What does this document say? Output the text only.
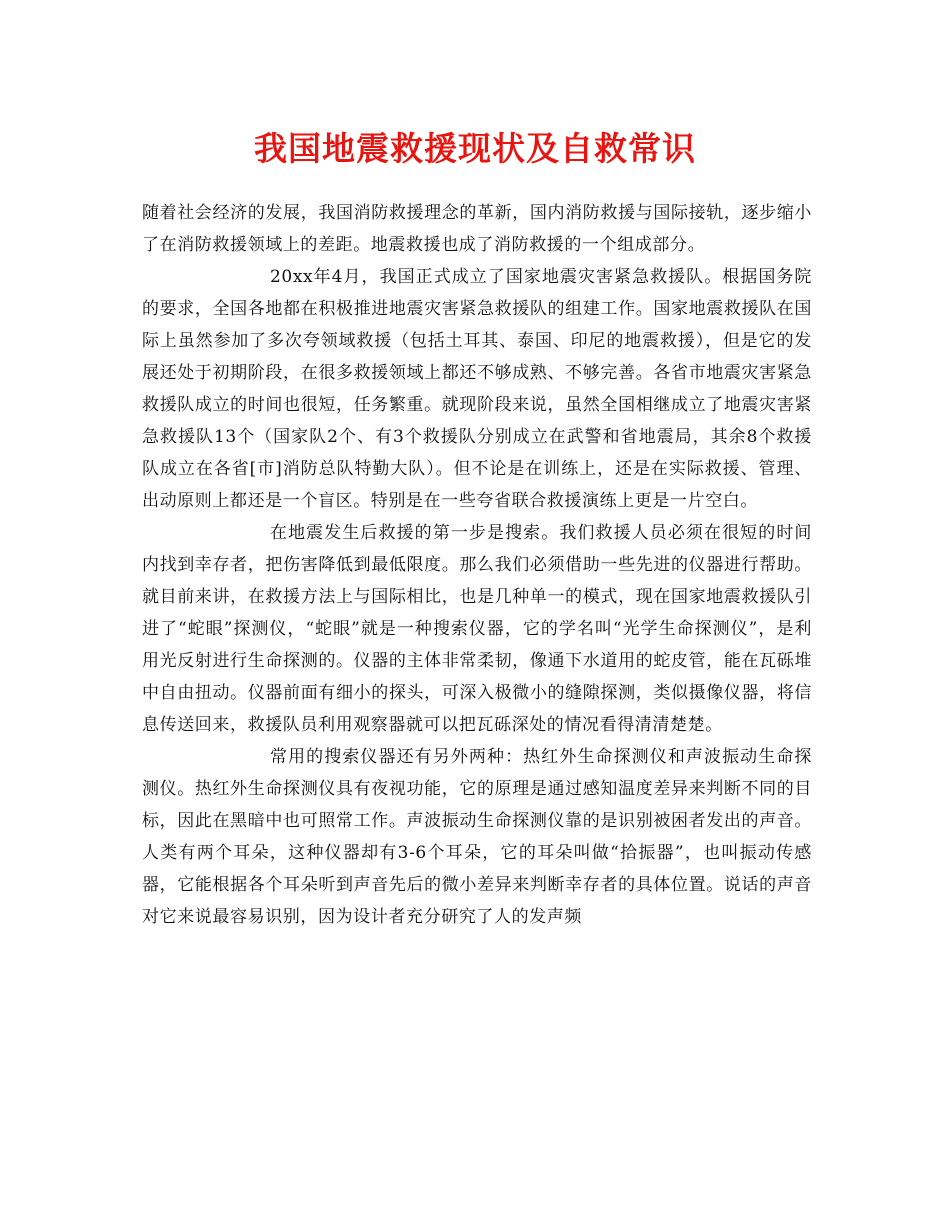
我国地震救援现状及自救常识

随着社会经济的发展，我国消防救援理念的革新，国内消防救援与国际接轨，逐步缩小了在消防救援领域上的差距。地震救援也成了消防救援的一个组成部分。

20xx年4月，我国正式成立了国家地震灾害紧急救援队。根据国务院的要求，全国各地都在积极推进地震灾害紧急救援队的组建工作。国家地震救援队在国际上虽然参加了多次夸领域救援（包括土耳其、泰国、印尼的地震救援），但是它的发展还处于初期阶段，在很多救援领域上都还不够成熟、不够完善。各省市地震灾害紧急救援队成立的时间也很短，任务繁重。就现阶段来说，虽然全国相继成立了地震灾害紧急救援队13个（国家队2个、有3个救援队分别成立在武警和省地震局，其余8个救援队成立在各省[市]消防总队特勤大队）。但不论是在训练上，还是在实际救援、管理、出动原则上都还是一个盲区。特别是在一些夸省联合救援演练上更是一片空白。

在地震发生后救援的第一步是搜索。我们救援人员必须在很短的时间内找到幸存者，把伤害降低到最低限度。那么我们必须借助一些先进的仪器进行帮助。就目前来讲，在救援方法上与国际相比，也是几种单一的模式，现在国家地震救援队引进了“蛇眼”探测仪，“蛇眼”就是一种搜索仪器，它的学名叫“光学生命探测仪”，是利用光反射进行生命探测的。仪器的主体非常柔韧，像通下水道用的蛇皮管，能在瓦砾堆中自由扭动。仪器前面有细小的探头，可深入极微小的缝隙探测，类似摄像仪器，将信息传送回来，救援队员利用观察器就可以把瓦砾深处的情况看得清清楚楚。

常用的搜索仪器还有另外两种：热红外生命探测仪和声波振动生命探测仪。热红外生命探测仪具有夜视功能，它的原理是通过感知温度差异来判断不同的目标，因此在黑暗中也可照常工作。声波振动生命探测仪靠的是识别被困者发出的声音。人类有两个耳朵，这种仪器却有3-6个耳朵，它的耳朵叫做“拾振器”，也叫振动传感器，它能根据各个耳朵听到声音先后的微小差异来判断幸存者的具体位置。说话的声音对它来说最容易识别，因为设计者充分研究了人的发声频
